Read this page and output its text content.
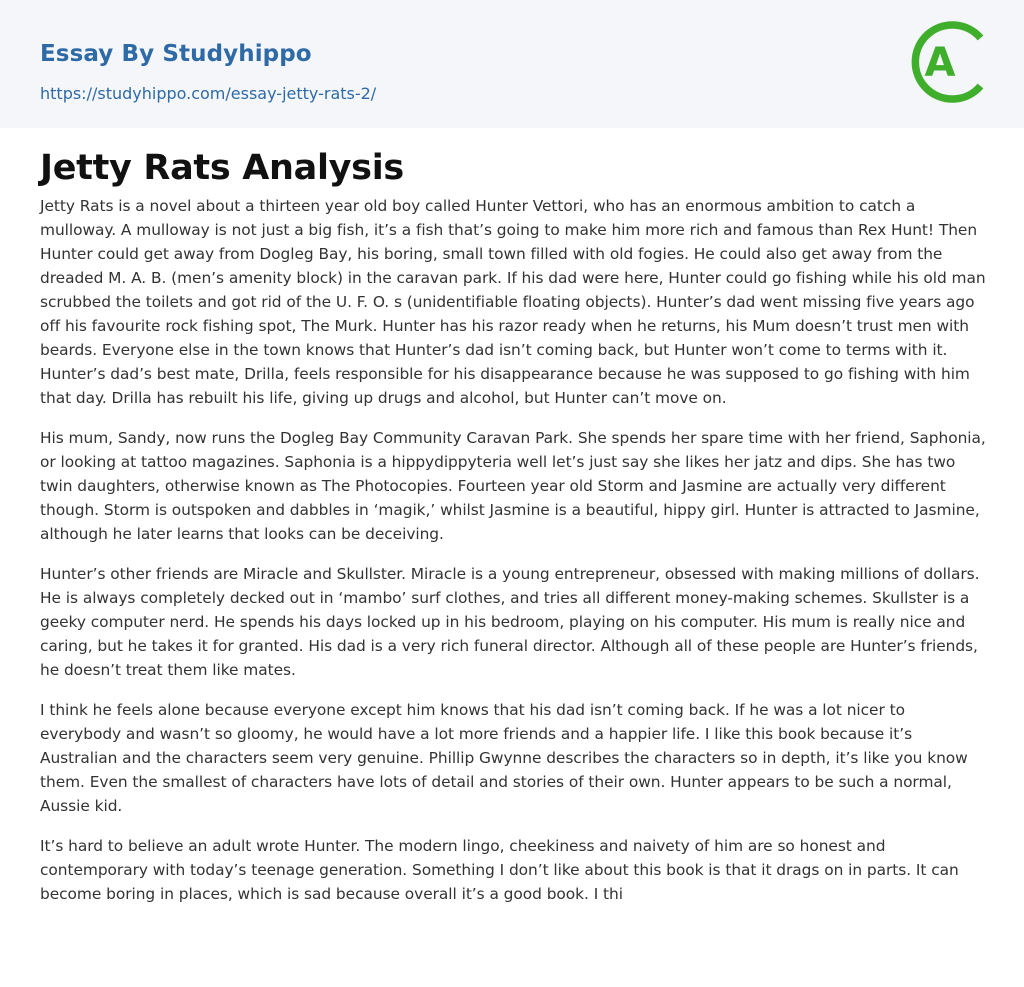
Essay By Studyhippo
https://studyhippo.com/essay-jetty-rats-2/
A
Jetty Rats Analysis

Jetty Rats is a novel about a thirteen year old boy called Hunter Vettori, who has an enormous ambition to catch a mulloway. A mulloway is not just a big fish, it’s a fish that’s going to make him more rich and famous than Rex Hunt! Then Hunter could get away from Dogleg Bay, his boring, small town filled with old fogies. He could also get away from the dreaded M. A. B. (men’s amenity block) in the caravan park. If his dad were here, Hunter could go fishing while his old man scrubbed the toilets and got rid of the U. F. O. s (unidentifiable floating objects). Hunter’s dad went missing five years ago off his favourite rock fishing spot, The Murk. Hunter has his razor ready when he returns, his Mum doesn’t trust men with beards. Everyone else in the town knows that Hunter’s dad isn’t coming back, but Hunter won’t come to terms with it. Hunter’s dad’s best mate, Drilla, feels responsible for his disappearance because he was supposed to go fishing with him that day. Drilla has rebuilt his life, giving up drugs and alcohol, but Hunter can’t move on.

His mum, Sandy, now runs the Dogleg Bay Community Caravan Park. She spends her spare time with her friend, Saphonia, or looking at tattoo magazines. Saphonia is a hippydippyteria well let’s just say she likes her jatz and dips. She has two twin daughters, otherwise known as The Photocopies. Fourteen year old Storm and Jasmine are actually very different though. Storm is outspoken and dabbles in ‘magik,’ whilst Jasmine is a beautiful, hippy girl. Hunter is attracted to Jasmine, although he later learns that looks can be deceiving.

Hunter’s other friends are Miracle and Skullster. Miracle is a young entrepreneur, obsessed with making millions of dollars. He is always completely decked out in ‘mambo’ surf clothes, and tries all different money-making schemes. Skullster is a geeky computer nerd. He spends his days locked up in his bedroom, playing on his computer. His mum is really nice and caring, but he takes it for granted. His dad is a very rich funeral director. Although all of these people are Hunter’s friends, he doesn’t treat them like mates.

I think he feels alone because everyone except him knows that his dad isn’t coming back. If he was a lot nicer to everybody and wasn’t so gloomy, he would have a lot more friends and a happier life. I like this book because it’s Australian and the characters seem very genuine. Phillip Gwynne describes the characters so in depth, it’s like you know them. Even the smallest of characters have lots of detail and stories of their own. Hunter appears to be such a normal, Aussie kid.

It’s hard to believe an adult wrote Hunter. The modern lingo, cheekiness and naivety of him are so honest and contemporary with today’s teenage generation. Something I don’t like about this book is that it drags on in parts. It can become boring in places, which is sad because overall it’s a good book. I thi
